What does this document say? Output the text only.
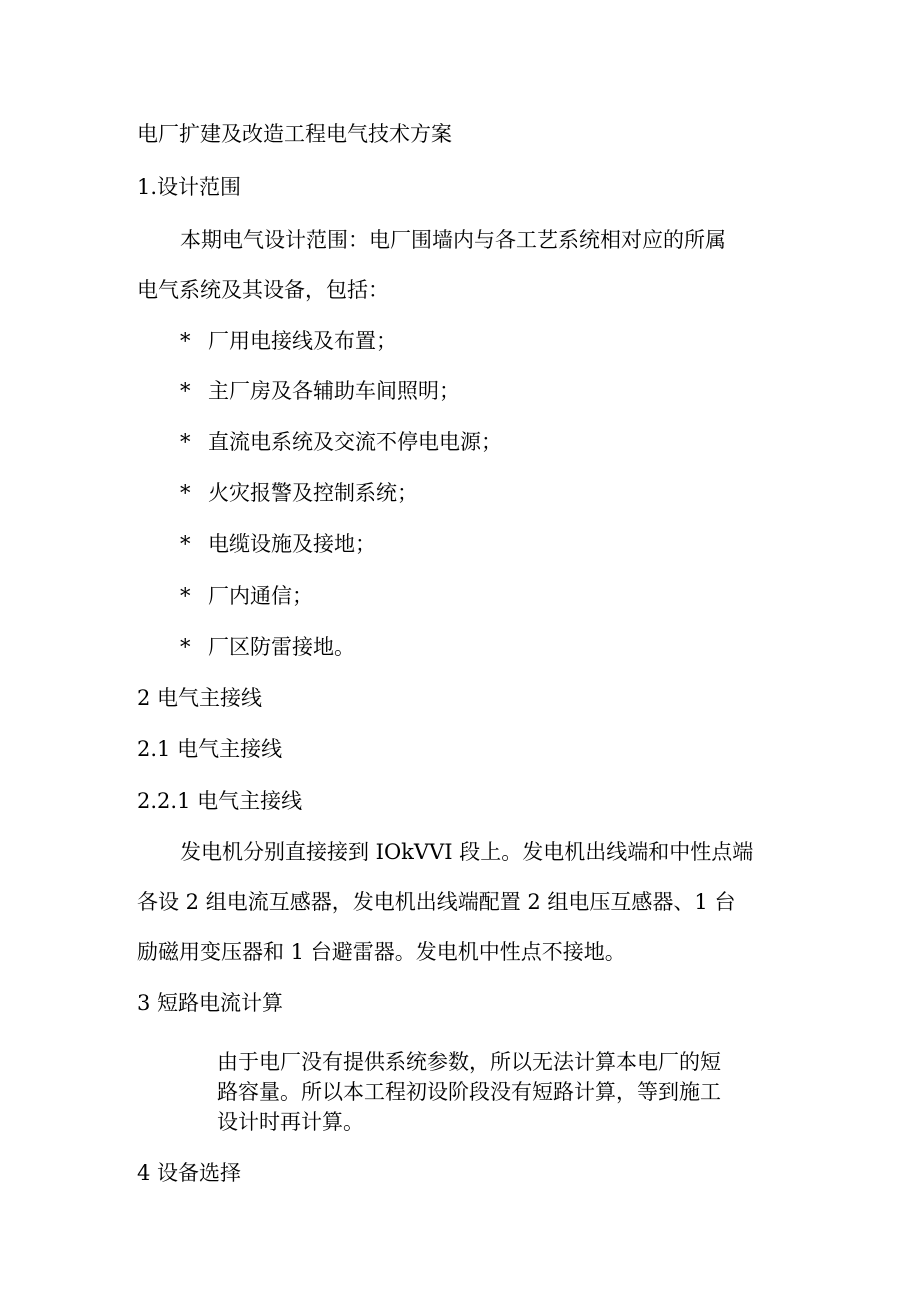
电厂扩建及改造工程电气技术方案
1.设计范围
本期电气设计范围：电厂围墙内与各工艺系统相对应的所属
电气系统及其设备，包括：
* 厂用电接线及布置；
* 主厂房及各辅助车间照明；
* 直流电系统及交流不停电电源；
* 火灾报警及控制系统；
* 电缆设施及接地；
* 厂内通信；
* 厂区防雷接地。
2 电气主接线
2.1 电气主接线
2.2.1 电气主接线
发电机分别直接接到 IOkVVI 段上。发电机出线端和中性点端
各设 2 组电流互感器，发电机出线端配置 2 组电压互感器、1 台
励磁用变压器和 1 台避雷器。发电机中性点不接地。
3 短路电流计算
由于电厂没有提供系统参数，所以无法计算本电厂的短
路容量。所以本工程初设阶段没有短路计算，等到施工
设计时再计算。
4 设备选择
